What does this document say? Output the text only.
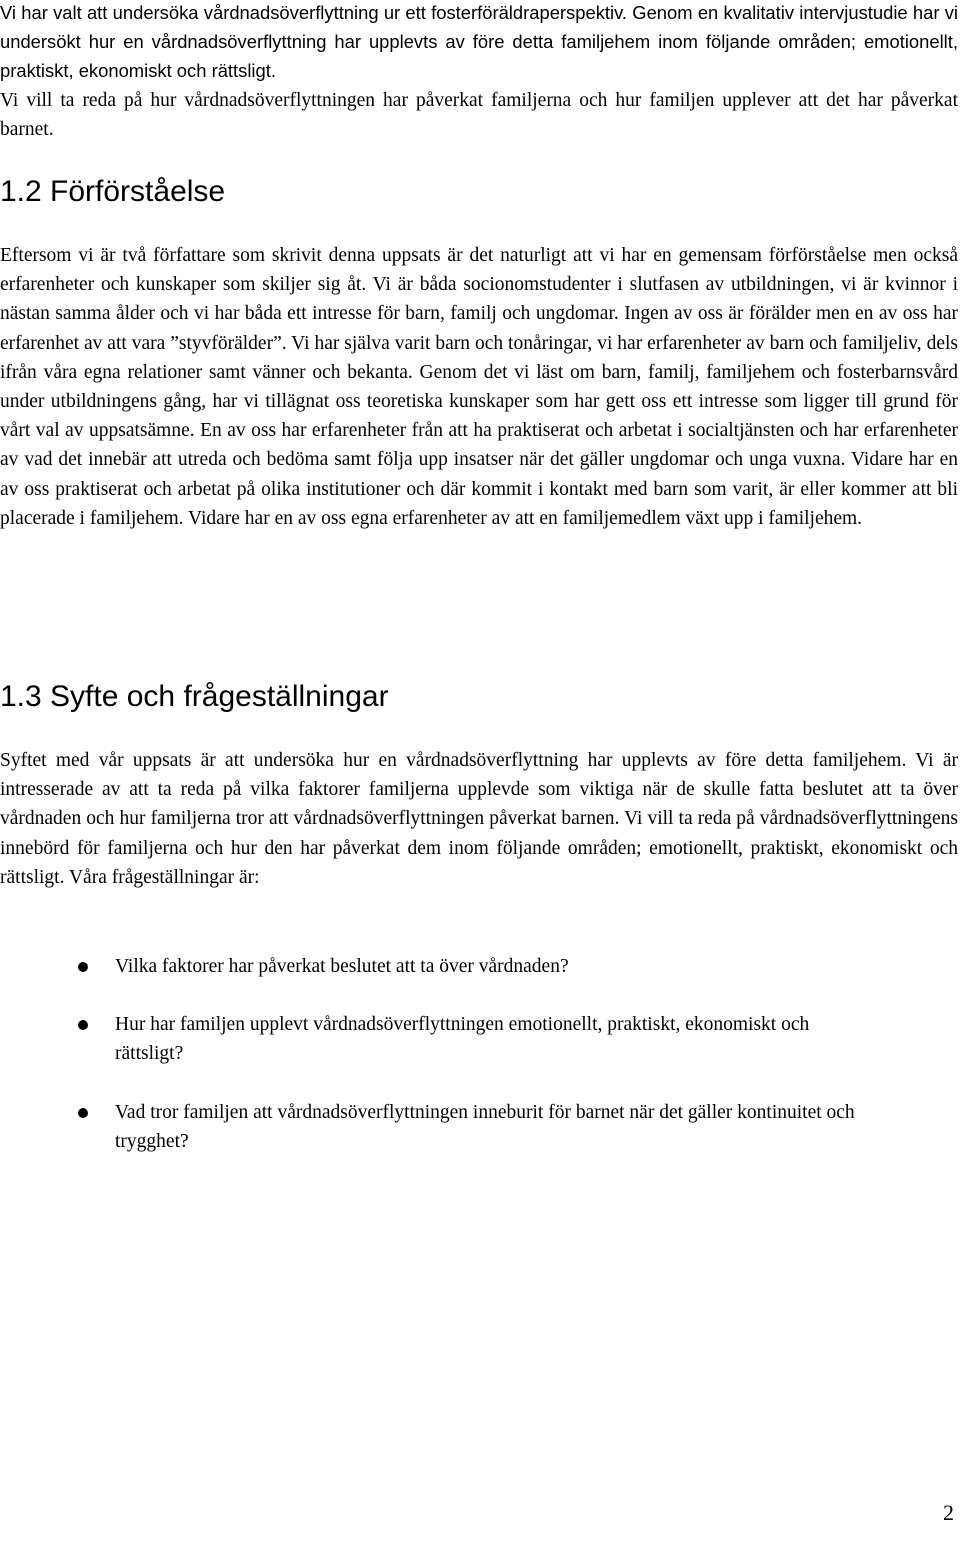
Vi har valt att undersöka vårdnadsöverflyttning ur ett fosterföräldraperspektiv. Genom en kvalitativ intervjustudie har vi undersökt hur en vårdnadsöverflyttning har upplevts av före detta familjehem inom följande områden; emotionellt, praktiskt, ekonomiskt och rättsligt.

Vi vill ta reda på hur vårdnadsöverflyttningen har påverkat familjerna och hur familjen upplever att det har påverkat barnet.

1.2 Förförståelse

Eftersom vi är två författare som skrivit denna uppsats är det naturligt att vi har en gemensam förförståelse men också erfarenheter och kunskaper som skiljer sig åt. Vi är båda socionomstudenter i slutfasen av utbildningen, vi är kvinnor i nästan samma ålder och vi har båda ett intresse för barn, familj och ungdomar. Ingen av oss är förälder men en av oss har erfarenhet av att vara ”styvförälder”. Vi har själva varit barn och tonåringar, vi har erfarenheter av barn och familjeliv, dels ifrån våra egna relationer samt vänner och bekanta. Genom det vi läst om barn, familj, familjehem och fosterbarnsvård under utbildningens gång, har vi tillägnat oss teoretiska kunskaper som har gett oss ett intresse som ligger till grund för vårt val av uppsatsämne. En av oss har erfarenheter från att ha praktiserat och arbetat i socialtjänsten och har erfarenheter av vad det innebär att utreda och bedöma samt följa upp insatser när det gäller ungdomar och unga vuxna. Vidare har en av oss praktiserat och arbetat på olika institutioner och där kommit i kontakt med barn som varit, är eller kommer att bli placerade i familjehem. Vidare har en av oss egna erfarenheter av att en familjemedlem växt upp i familjehem.

1.3 Syfte och frågeställningar

Syftet med vår uppsats är att undersöka hur en vårdnadsöverflyttning har upplevts av före detta familjehem. Vi är intresserade av att ta reda på vilka faktorer familjerna upplevde som viktiga när de skulle fatta beslutet att ta över vårdnaden och hur familjerna tror att vårdnadsöverflyttningen påverkat barnen. Vi vill ta reda på vårdnadsöverflyttningens innebörd för familjerna och hur den har påverkat dem inom följande områden; emotionellt, praktiskt, ekonomiskt och rättsligt. Våra frågeställningar är:

Vilka faktorer har påverkat beslutet att ta över vårdnaden?
Hur har familjen upplevt vårdnadsöverflyttningen emotionellt, praktiskt, ekonomiskt och rättsligt?
Vad tror familjen att vårdnadsöverflyttningen inneburit för barnet när det gäller kontinuitet och trygghet?
2
